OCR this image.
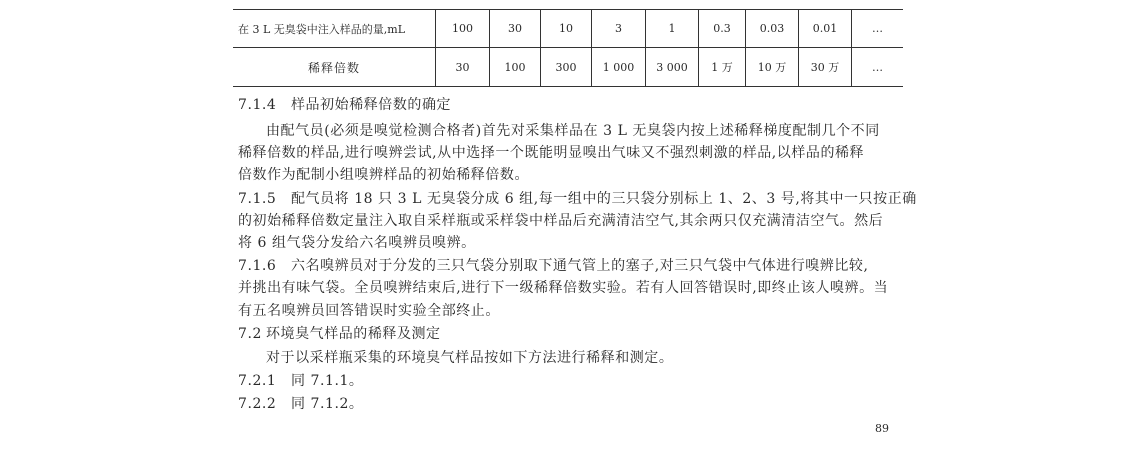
在 3 L 无臭袋中注入样品的量,mL	100	30	10	3	1	0.3	0.03	0.01	…
稀释倍数	30	100	300	1 000	3 000	1 万	10 万	30 万	…
7.1.4 样品初始稀释倍数的确定
由配气员(必须是嗅觉检测合格者)首先对采集样品在 3 L 无臭袋内按上述稀释梯度配制几个不同
稀释倍数的样品,进行嗅辨尝试,从中选择一个既能明显嗅出气味又不强烈刺激的样品,以样品的稀释
倍数作为配制小组嗅辨样品的初始稀释倍数。
7.1.5 配气员将 18 只 3 L 无臭袋分成 6 组,每一组中的三只袋分别标上 1、2、3 号,将其中一只按正确
的初始稀释倍数定量注入取自采样瓶或采样袋中样品后充满清洁空气,其余两只仅充满清洁空气。然后
将 6 组气袋分发给六名嗅辨员嗅辨。
7.1.6 六名嗅辨员对于分发的三只气袋分别取下通气管上的塞子,对三只气袋中气体进行嗅辨比较,
并挑出有味气袋。全员嗅辨结束后,进行下一级稀释倍数实验。若有人回答错误时,即终止该人嗅辨。当
有五名嗅辨员回答错误时实验全部终止。
7.2 环境臭气样品的稀释及测定
对于以采样瓶采集的环境臭气样品按如下方法进行稀释和测定。
7.2.1 同 7.1.1。
7.2.2 同 7.1.2。
89
